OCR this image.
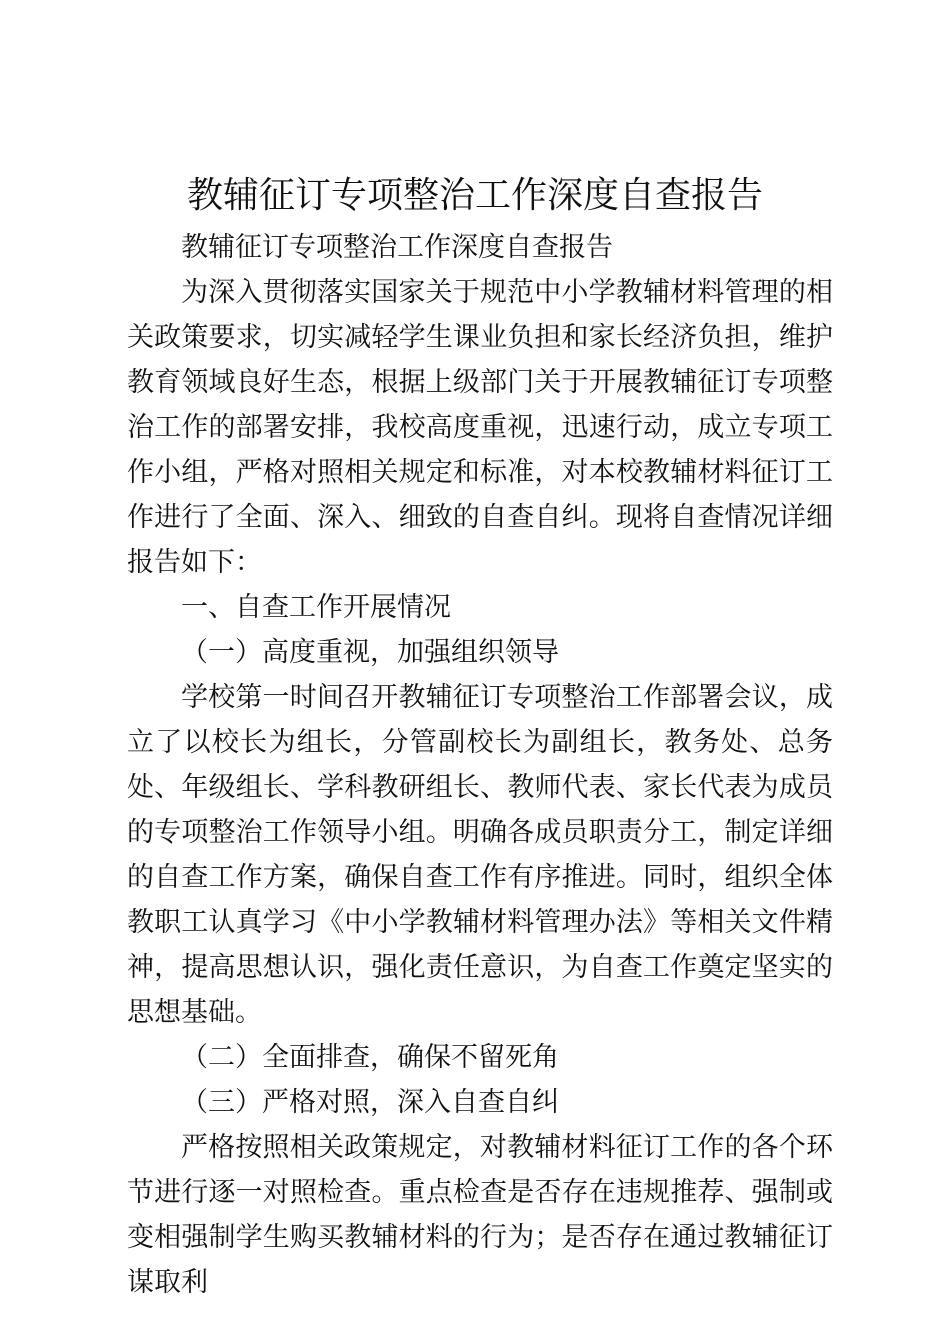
教辅征订专项整治工作深度自查报告

教辅征订专项整治工作深度自查报告

为深入贯彻落实国家关于规范中小学教辅材料管理的相关政策要求，切实减轻学生课业负担和家长经济负担，维护教育领域良好生态，根据上级部门关于开展教辅征订专项整治工作的部署安排，我校高度重视，迅速行动，成立专项工作小组，严格对照相关规定和标准，对本校教辅材料征订工作进行了全面、深入、细致的自查自纠。现将自查情况详细报告如下：

一、自查工作开展情况

（一）高度重视，加强组织领导

学校第一时间召开教辅征订专项整治工作部署会议，成立了以校长为组长，分管副校长为副组长，教务处、总务处、年级组长、学科教研组长、教师代表、家长代表为成员的专项整治工作领导小组。明确各成员职责分工，制定详细的自查工作方案，确保自查工作有序推进。同时，组织全体教职工认真学习《中小学教辅材料管理办法》等相关文件精神，提高思想认识，强化责任意识，为自查工作奠定坚实的思想基础。

（二）全面排查，确保不留死角

（三）严格对照，深入自查自纠

严格按照相关政策规定，对教辅材料征订工作的各个环节进行逐一对照检查。重点检查是否存在违规推荐、强制或变相强制学生购买教辅材料的行为；是否存在通过教辅征订谋取利
